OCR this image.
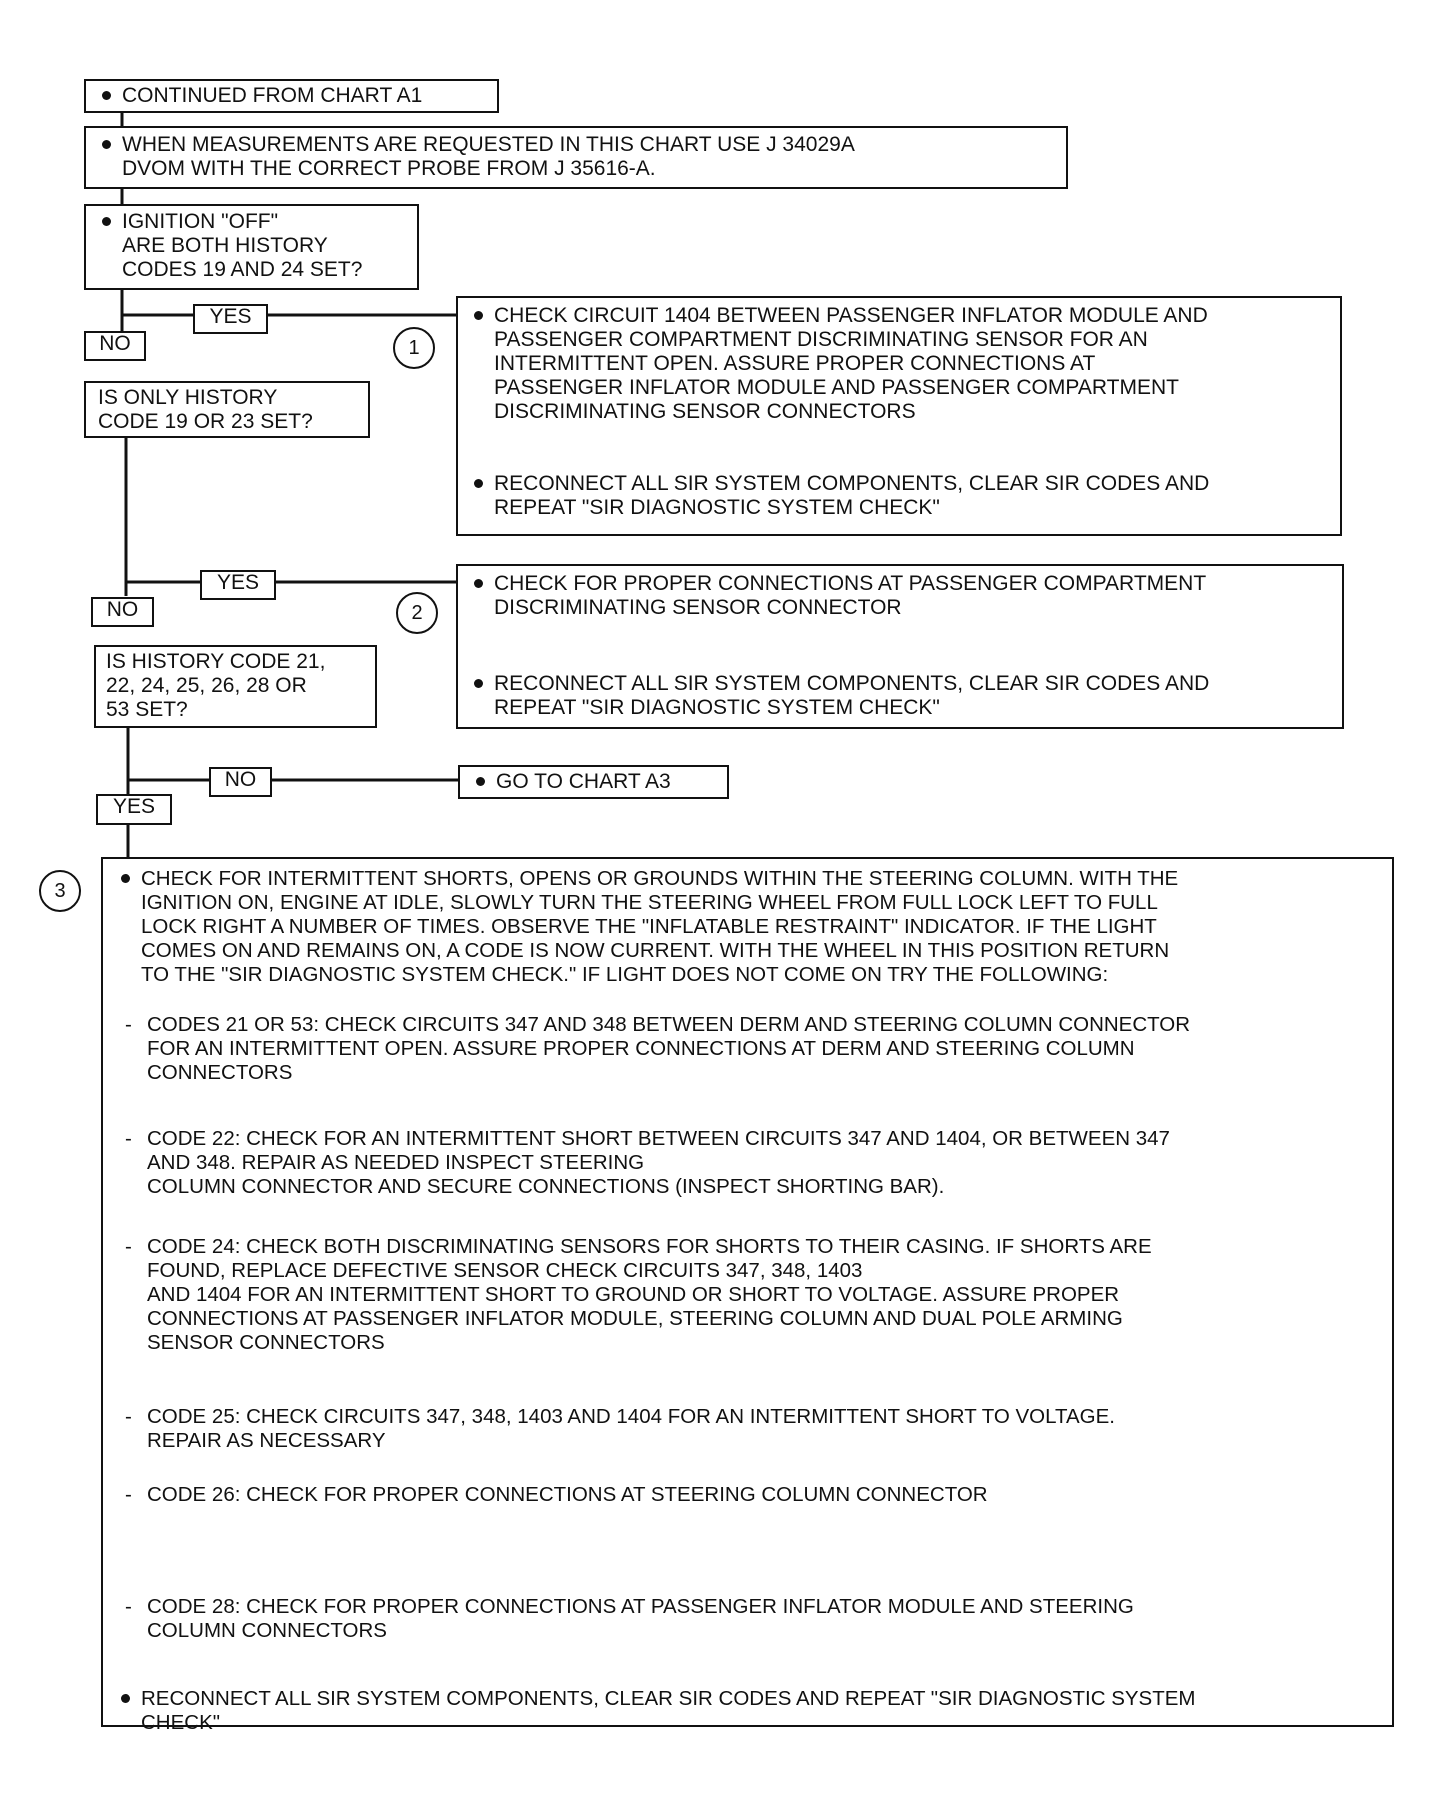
CONTINUED FROM CHART A1
WHEN MEASUREMENTS ARE REQUESTED IN THIS CHART USE J 34029A
DVOM WITH THE CORRECT PROBE FROM J 35616-A.
IGNITION "OFF"
ARE BOTH HISTORY
CODES 19 AND 24 SET?
YES
NO	1
CHECK CIRCUIT 1404 BETWEEN PASSENGER INFLATOR MODULE AND
PASSENGER COMPARTMENT DISCRIMINATING SENSOR FOR AN
INTERMITTENT OPEN. ASSURE PROPER CONNECTIONS AT
PASSENGER INFLATOR MODULE AND PASSENGER COMPARTMENT
DISCRIMINATING SENSOR CONNECTORS
RECONNECT ALL SIR SYSTEM COMPONENTS, CLEAR SIR CODES AND
REPEAT "SIR DIAGNOSTIC SYSTEM CHECK"
IS ONLY HISTORY
CODE 19 OR 23 SET?
YES
NO	2
CHECK FOR PROPER CONNECTIONS AT PASSENGER COMPARTMENT
DISCRIMINATING SENSOR CONNECTOR
RECONNECT ALL SIR SYSTEM COMPONENTS, CLEAR SIR CODES AND
REPEAT "SIR DIAGNOSTIC SYSTEM CHECK"
IS HISTORY CODE 21,
22, 24, 25, 26, 28 OR
53 SET?
NO
YES
GO TO CHART A3
3
CHECK FOR INTERMITTENT SHORTS, OPENS OR GROUNDS WITHIN THE STEERING COLUMN. WITH THE
IGNITION ON, ENGINE AT IDLE, SLOWLY TURN THE STEERING WHEEL FROM FULL LOCK LEFT TO FULL
LOCK RIGHT A NUMBER OF TIMES. OBSERVE THE "INFLATABLE RESTRAINT" INDICATOR. IF THE LIGHT
COMES ON AND REMAINS ON, A CODE IS NOW CURRENT. WITH THE WHEEL IN THIS POSITION RETURN
TO THE "SIR DIAGNOSTIC SYSTEM CHECK." IF LIGHT DOES NOT COME ON TRY THE FOLLOWING:
- CODES 21 OR 53: CHECK CIRCUITS 347 AND 348 BETWEEN DERM AND STEERING COLUMN CONNECTOR
FOR AN INTERMITTENT OPEN. ASSURE PROPER CONNECTIONS AT DERM AND STEERING COLUMN
CONNECTORS
- CODE 22: CHECK FOR AN INTERMITTENT SHORT BETWEEN CIRCUITS 347 AND 1404, OR BETWEEN 347
AND 348. REPAIR AS NEEDED INSPECT STEERING
COLUMN CONNECTOR AND SECURE CONNECTIONS (INSPECT SHORTING BAR).
- CODE 24: CHECK BOTH DISCRIMINATING SENSORS FOR SHORTS TO THEIR CASING. IF SHORTS ARE
FOUND, REPLACE DEFECTIVE SENSOR CHECK CIRCUITS 347, 348, 1403
AND 1404 FOR AN INTERMITTENT SHORT TO GROUND OR SHORT TO VOLTAGE. ASSURE PROPER
CONNECTIONS AT PASSENGER INFLATOR MODULE, STEERING COLUMN AND DUAL POLE ARMING
SENSOR CONNECTORS
- CODE 25: CHECK CIRCUITS 347, 348, 1403 AND 1404 FOR AN INTERMITTENT SHORT TO VOLTAGE.
REPAIR AS NECESSARY
- CODE 26: CHECK FOR PROPER CONNECTIONS AT STEERING COLUMN CONNECTOR
- CODE 28: CHECK FOR PROPER CONNECTIONS AT PASSENGER INFLATOR MODULE AND STEERING
COLUMN CONNECTORS
RECONNECT ALL SIR SYSTEM COMPONENTS, CLEAR SIR CODES AND REPEAT "SIR DIAGNOSTIC SYSTEM
CHECK"
